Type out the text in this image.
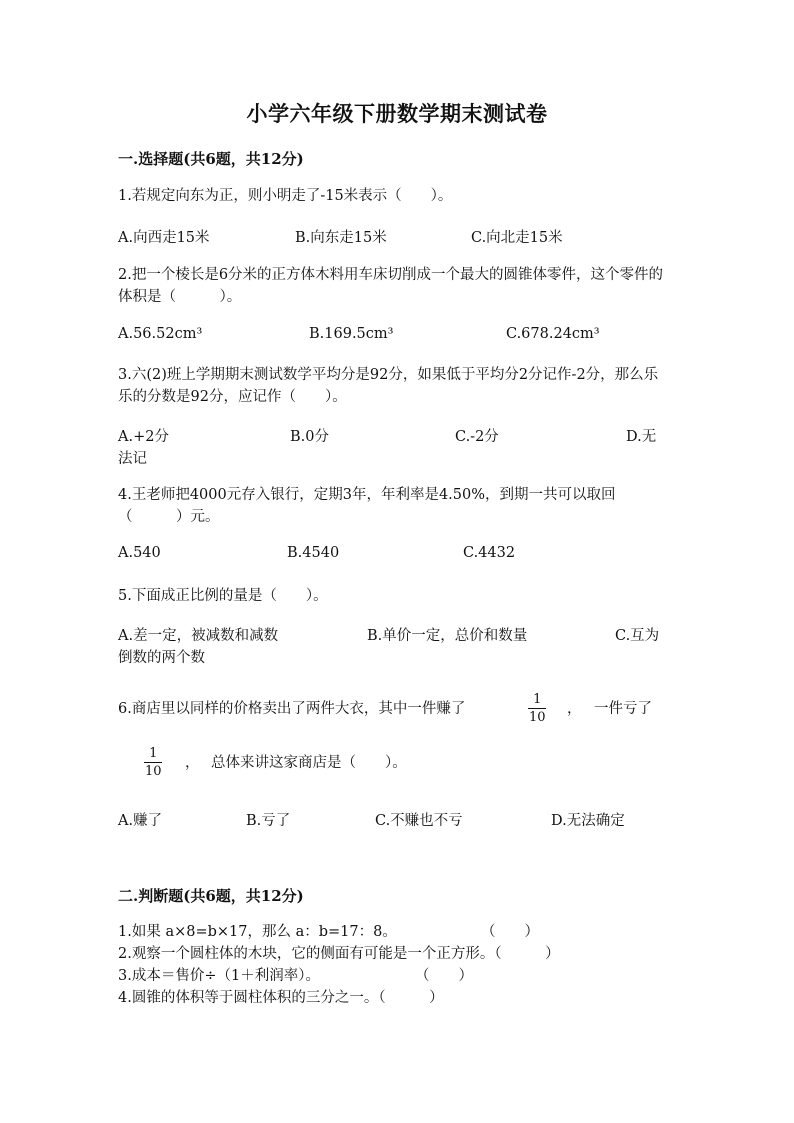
小学六年级下册数学期末测试卷
一.选择题(共6题，共12分)
1.若规定向东为正，则小明走了-15米表示（　　）。
A.向西走15米	B.向东走15米	C.向北走15米
2.把一个棱长是6分米的正方体木料用车床切削成一个最大的圆锥体零件，这个零件的体积是（　　　）。
A.56.52cm³	B.169.5cm³	C.678.24cm³
3.六(2)班上学期期末测试数学平均分是92分，如果低于平均分2分记作-2分，那么乐乐的分数是92分，应记作（　　）。
A.+2分	B.0分	C.-2分	D.无
法记
4.王老师把4000元存入银行，定期3年，年利率是4.50%，到期一共可以取回（　　　）元。
A.540	B.4540	C.4432
5.下面成正比例的量是（　　）。
A.差一定，被减数和减数	B.单价一定，总价和数量	C.互为
倒数的两个数
6.商店里以同样的价格卖出了两件大衣，其中一件赚了
1
10
， 一件亏了
1
10
， 总体来讲这家商店是（　　）。
A.赚了	B.亏了	C.不赚也不亏	D.无法确定
二.判断题(共6题，共12分)
1.如果 a×8=b×17，那么 a：b=17：8。	（　　）
2.观察一个圆柱体的木块，它的侧面有可能是一个正方形。（　　　）
3.成本＝售价÷（1＋利润率）。	（　　）
4.圆锥的体积等于圆柱体积的三分之一。（　　　）
